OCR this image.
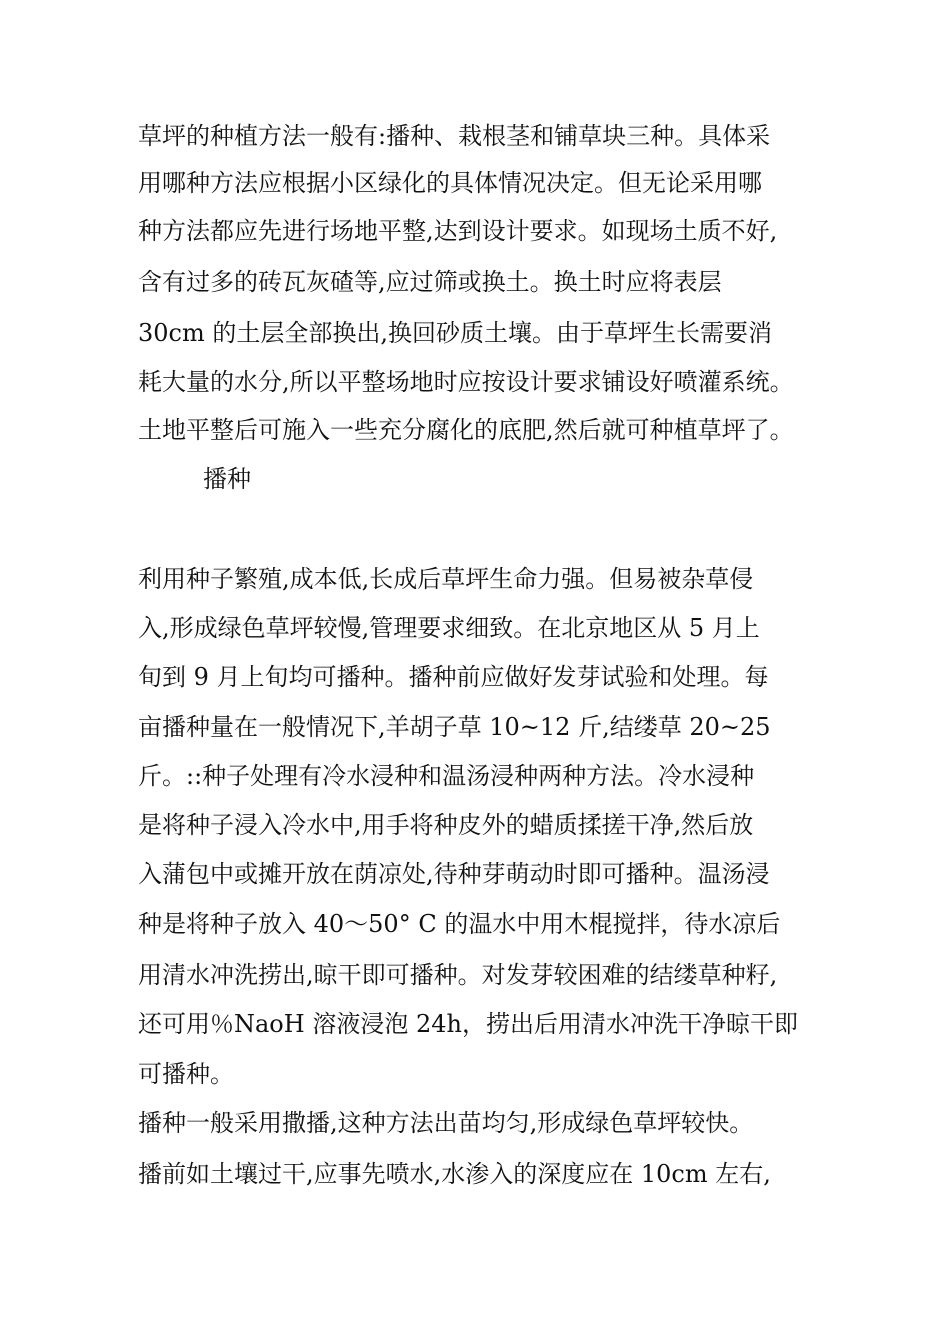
草坪的种植方法一般有:播种、栽根茎和铺草块三种。具体采

用哪种方法应根据小区绿化的具体情况决定。但无论采用哪

种方法都应先进行场地平整,达到设计要求。如现场土质不好,

含有过多的砖瓦灰碴等,应过筛或换土。换土时应将表层

30cm 的土层全部换出,换回砂质土壤。由于草坪生长需要消

耗大量的水分,所以平整场地时应按设计要求铺设好喷灌系统。

土地平整后可施入一些充分腐化的底肥,然后就可种植草坪了。

播种

利用种子繁殖,成本低,长成后草坪生命力强。但易被杂草侵

入,形成绿色草坪较慢,管理要求细致。在北京地区从 5 月上

旬到 9 月上旬均可播种。播种前应做好发芽试验和处理。每

亩播种量在一般情况下,羊胡子草 10~12 斤,结缕草 20~25

斤。::种子处理有冷水浸种和温汤浸种两种方法。冷水浸种

是将种子浸入冷水中,用手将种皮外的蜡质揉搓干净,然后放

入蒲包中或摊开放在荫凉处,待种芽萌动时即可播种。温汤浸

种是将种子放入 40〜50° C 的温水中用木棍搅拌，待水凉后

用清水冲洗捞出,晾干即可播种。对发芽较困难的结缕草种籽,

还可用％NaoH 溶液浸泡 24h，捞出后用清水冲洗干净晾干即

可播种。

播种一般采用撒播,这种方法出苗均匀,形成绿色草坪较快。

播前如土壤过干,应事先喷水,水渗入的深度应在 10cm 左右,
